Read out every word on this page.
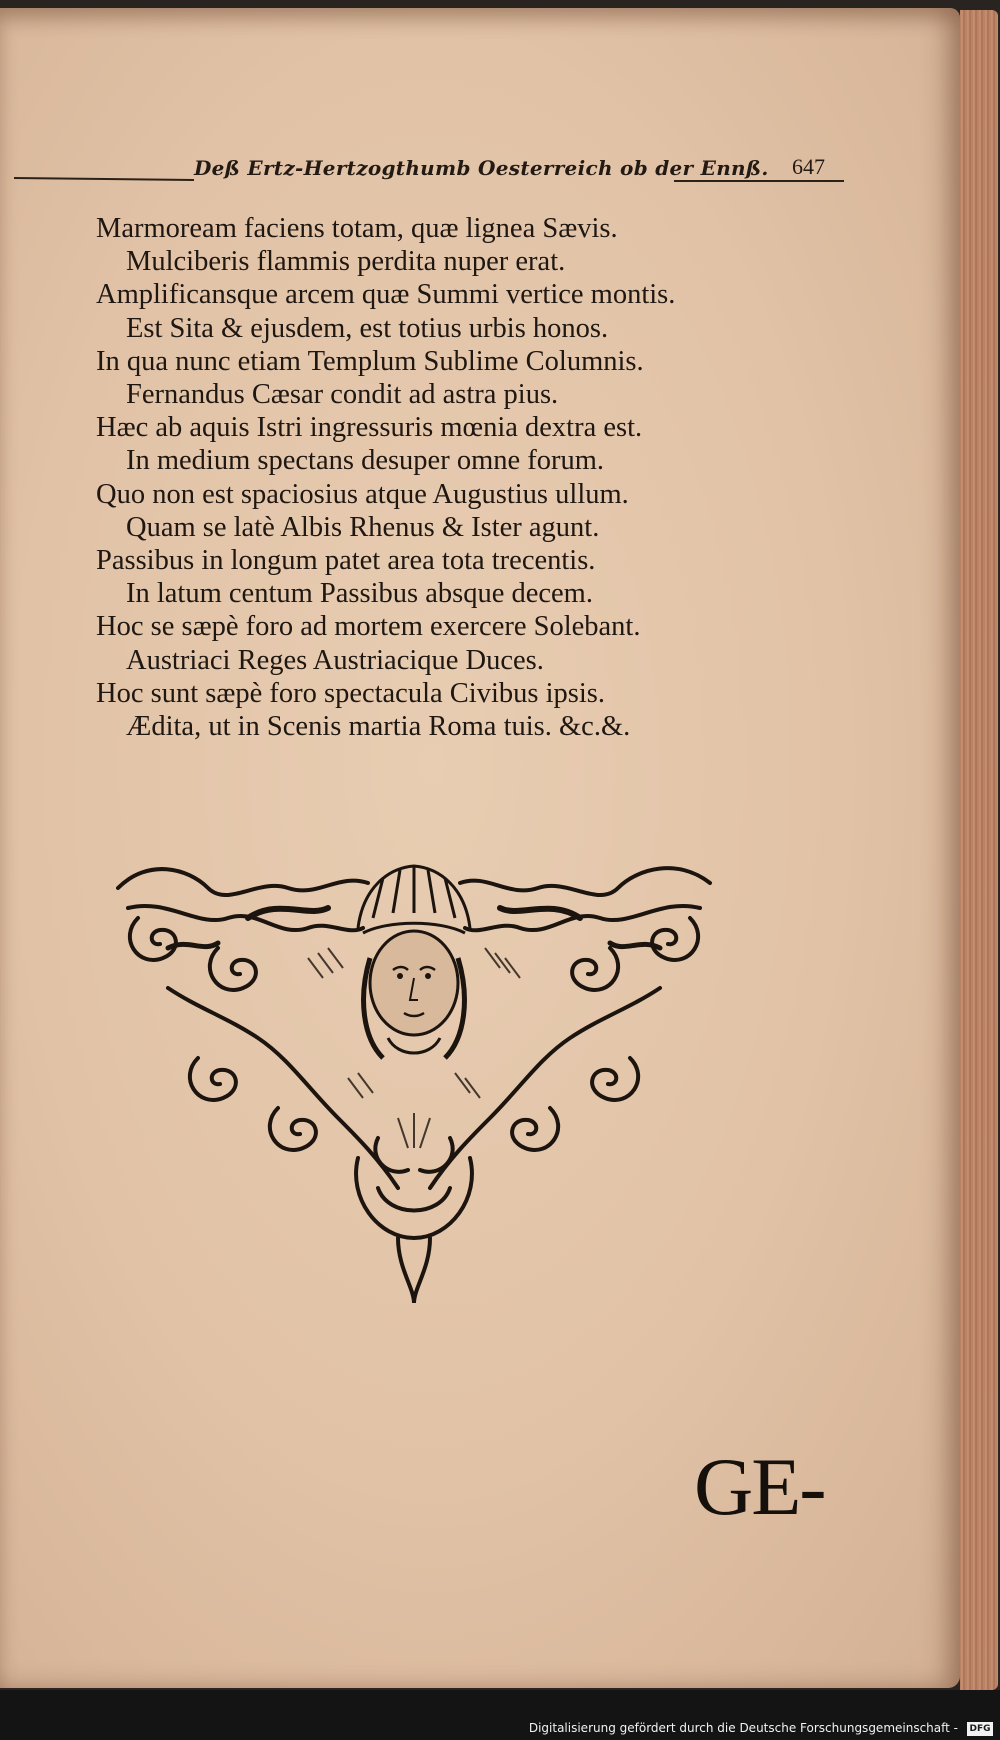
Deß Ertz-Hertzogthumb Oesterreich ob der Ennß. 647
Marmoream faciens totam, quæ lignea Sævis.
Mulciberis flammis perdita nuper erat.
Amplificansque arcem quæ Summi vertice montis.
Est Sita & ejusdem, est totius urbis honos.
In qua nunc etiam Templum Sublime Columnis.
Fernandus Cæsar condit ad astra pius.
Hæc ab aquis Istri ingressuris mœnia dextra est.
In medium spectans desuper omne forum.
Quo non est spaciosius atque Augustius ullum.
Quam se latè Albis Rhenus & Ister agunt.
Passibus in longum patet area tota trecentis.
In latum centum Passibus absque decem.
Hoc se sæpè foro ad mortem exercere Solebant.
Austriaci Reges Austriacique Duces.
Hoc sunt sæpè foro spectacula Civibus ipsis.
Ædita, ut in Scenis martia Roma tuis. &c.&.
GE-
Digitalisierung gefördert durch die Deutsche Forschungsgemeinschaft - DFG
